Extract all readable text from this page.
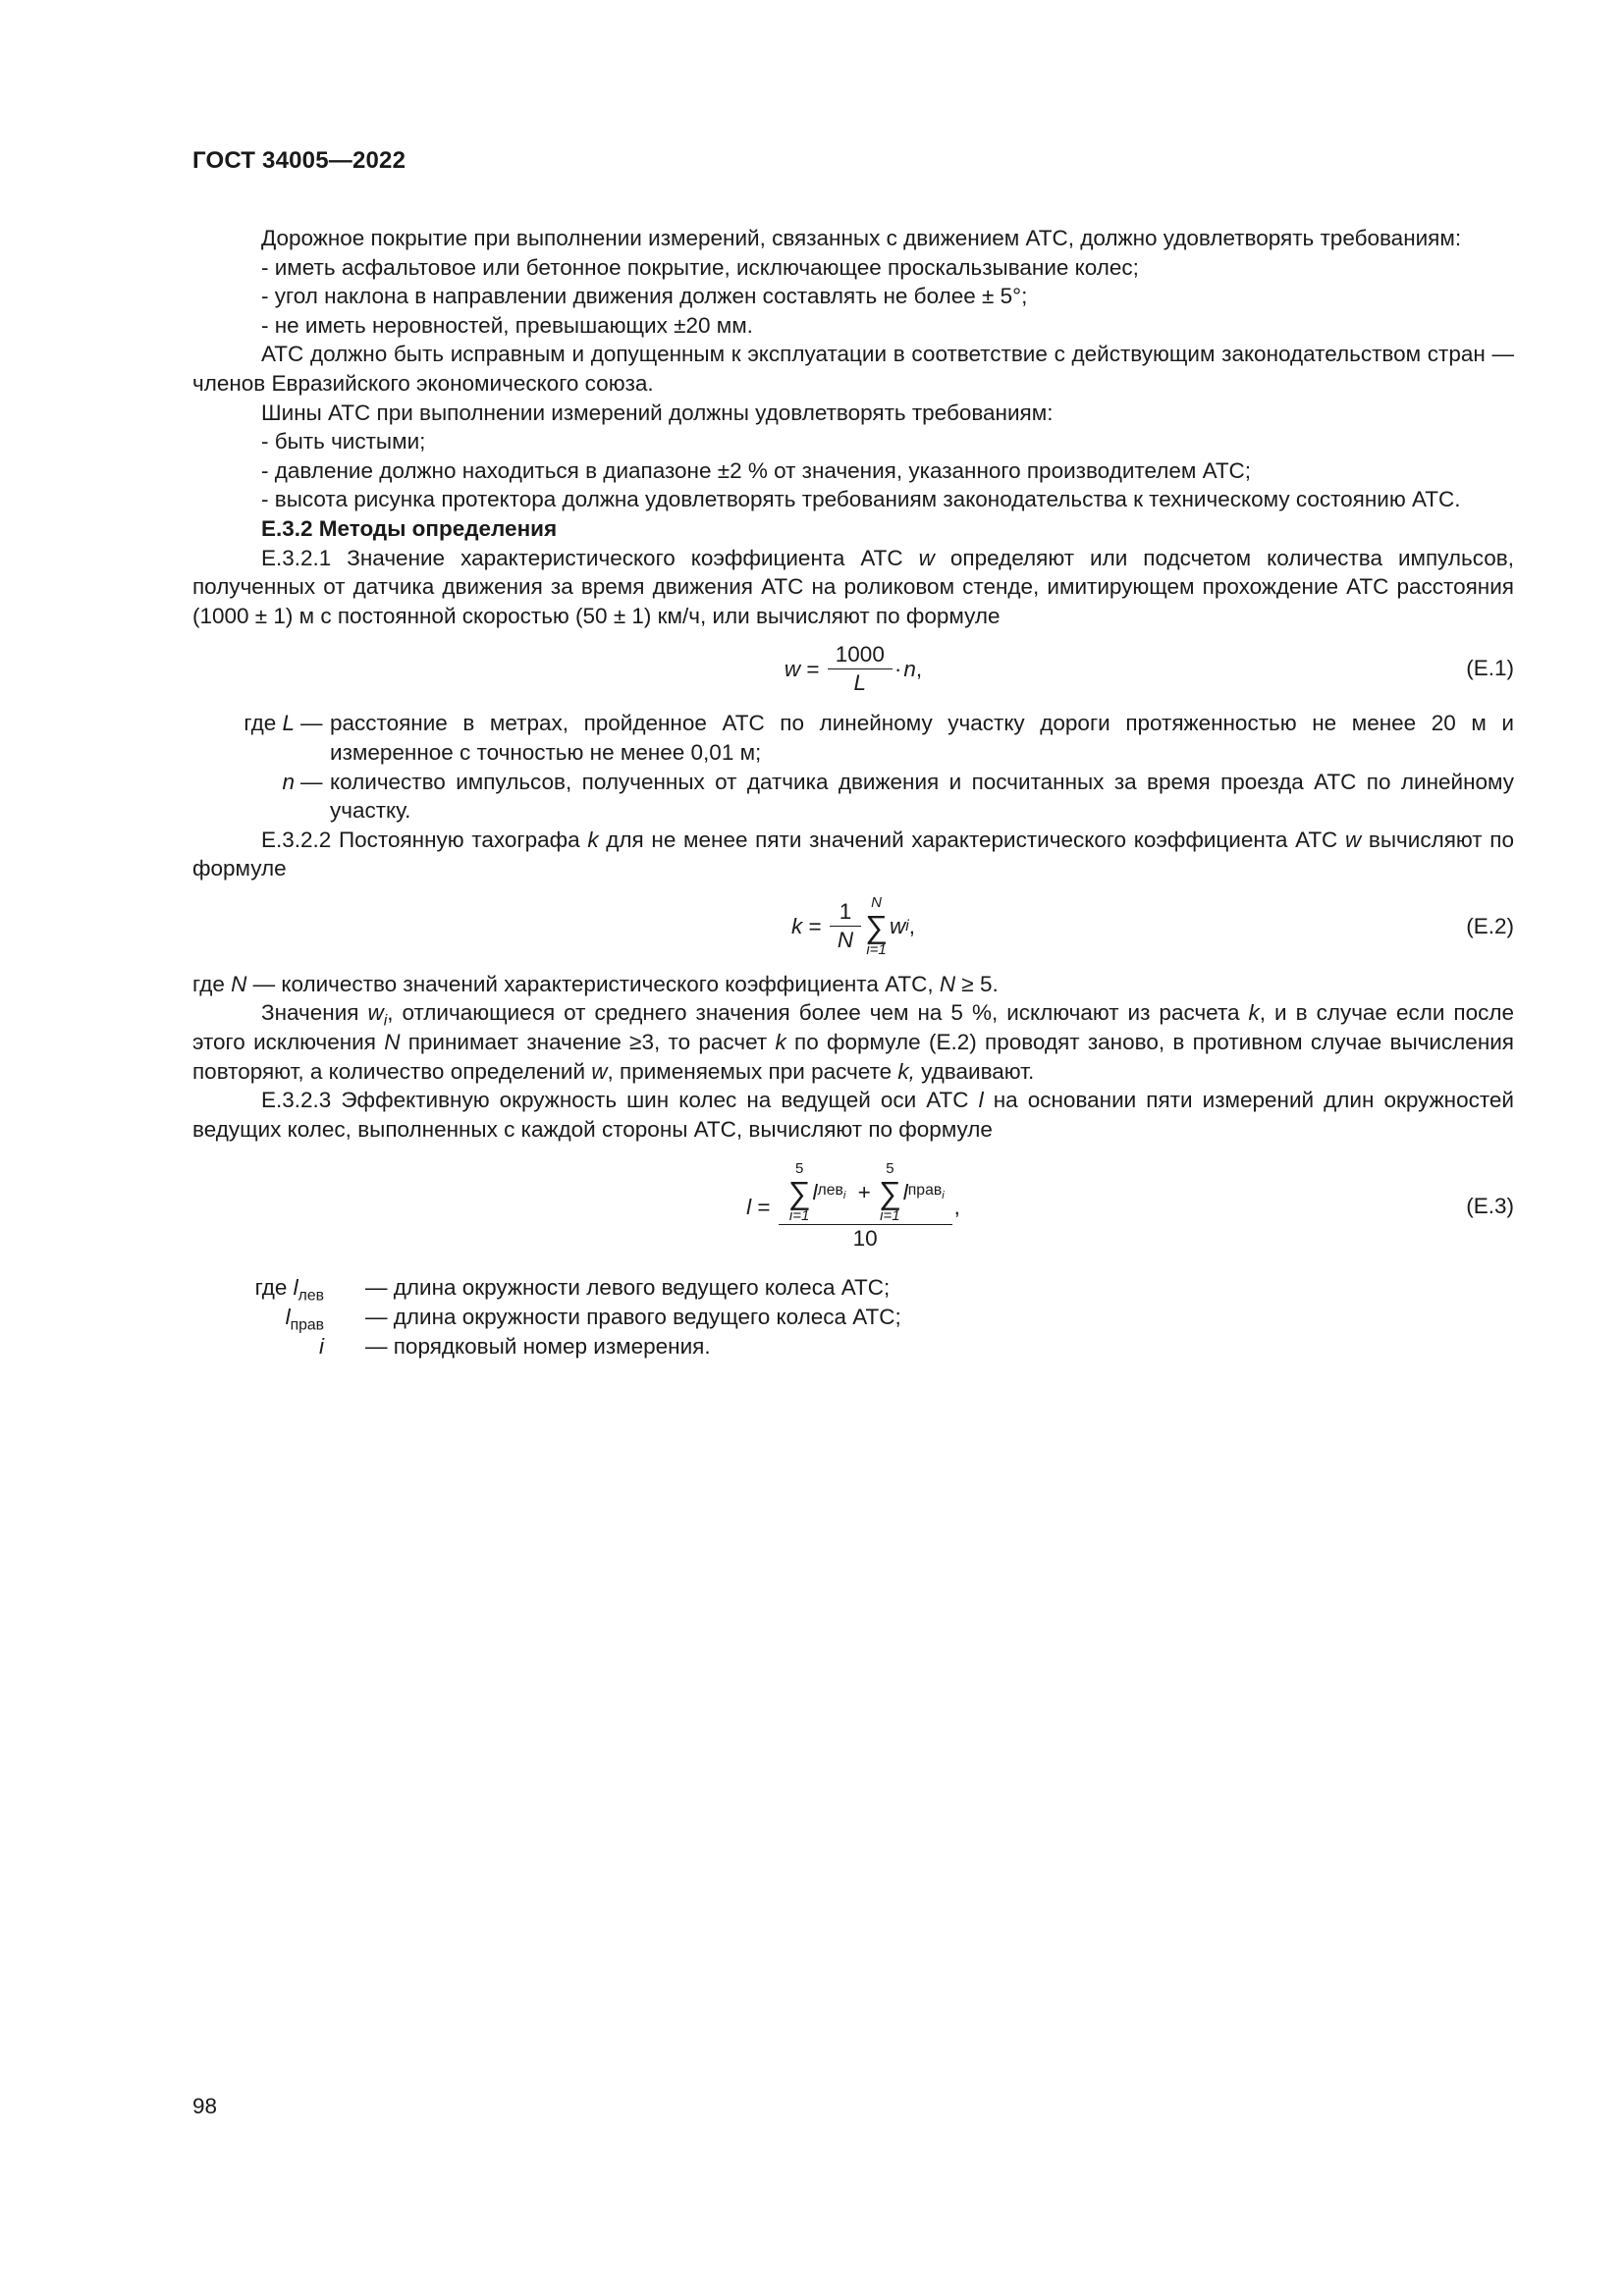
ГОСТ 34005—2022

Дорожное покрытие при выполнении измерений, связанных с движением АТС, должно удовлетворять требованиям:

- иметь асфальтовое или бетонное покрытие, исключающее проскальзывание колес;

- угол наклона в направлении движения должен составлять не более ± 5°;

- не иметь неровностей, превышающих ±20 мм.

АТС должно быть исправным и допущенным к эксплуатации в соответствие с действующим законодательством стран — членов Евразийского экономического союза.

Шины АТС при выполнении измерений должны удовлетворять требованиям:

- быть чистыми;

- давление должно находиться в диапазоне ±2 % от значения, указанного производителем АТС;

- высота рисунка протектора должна удовлетворять требованиям законодательства к техническому состоянию АТС.

Е.3.2 Методы определения

Е.3.2.1 Значение характеристического коэффициента АТС w определяют или подсчетом количества импульсов, полученных от датчика движения за время движения АТС на роликовом стенде, имитирующем прохождение АТС расстояния (1000 ± 1) м с постоянной скоростью (50 ± 1) км/ч, или вычисляют по формуле

$w = \frac{1000}{L} \cdot n$ ,	(Е.1)
где L — расстояние в метрах, пройденное АТС по линейному участку дороги протяженностью не менее 20 м и измеренное с точностью не менее 0,01 м;
n — количество импульсов, полученных от датчика движения и посчитанных за время проезда АТС по линейному участку.

Е.3.2.2 Постоянную тахографа k для не менее пяти значений характеристического коэффициента АТС w вычисляют по формуле

$k = \frac{1}{N}$ N
∑
i=1
w i ,	(Е.2)

где N — количество значений характеристического коэффициента АТС, N ≥ 5.

Значения $w_i$, отличающиеся от среднего значения более чем на 5 %, исключают из расчета k, и в случае если после этого исключения N принимает значение ≥3, то расчет k по формуле (Е.2) проводят заново, в противном случае вычисления повторяют, а количество определений w, применяемых при расчете k, удваивают.

Е.3.2.3 Эффективную окружность шин колес на ведущей оси АТС l на основании пяти измерений длин окружностей ведущих колес, выполненных с каждой стороны АТС, вычисляют по формуле

l =
5
∑
i=1
l лев$_i$ +
5
∑
i=1
l прав$_i$
10
,	(Е.3)
где $l_{лев}$ — длина окружности левого ведущего колеса АТС;
$l_{прав}$ — длина окружности правого ведущего колеса АТС;
i — порядковый номер измерения.
98
